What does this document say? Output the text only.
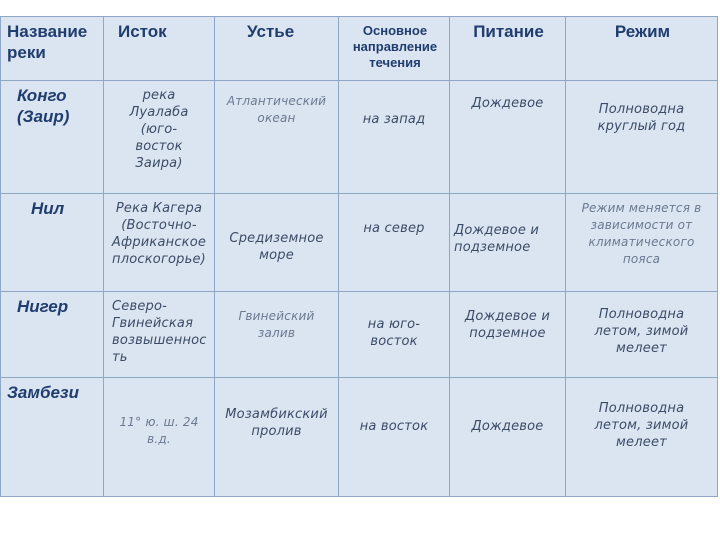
Название
реки	Исток	Устье	Основное
направление
течения	Питание	Режим

Конго
(Заир)	река
Луалаба
(юго-
восток
Заира)	Атлантический
океан	на запад	Дождевое	Полноводна
круглый год

Нил	Река Кагера
(Восточно-
Африканское
плоскогорье)	Средиземное
море	на север	Дождевое и
подземное	Режим меняется в
зависимости от
климатического
пояса

Нигер	Северо-
Гвинейская
возвышеннос
ть	Гвинейский
залив	на юго-
восток	Дождевое и
подземное	Полноводна
летом, зимой
мелеет

Замбези	11° ю. ш. 24 в.д.	Мозамбикский
пролив	на восток	Дождевое	Полноводна
летом, зимой
мелеет
